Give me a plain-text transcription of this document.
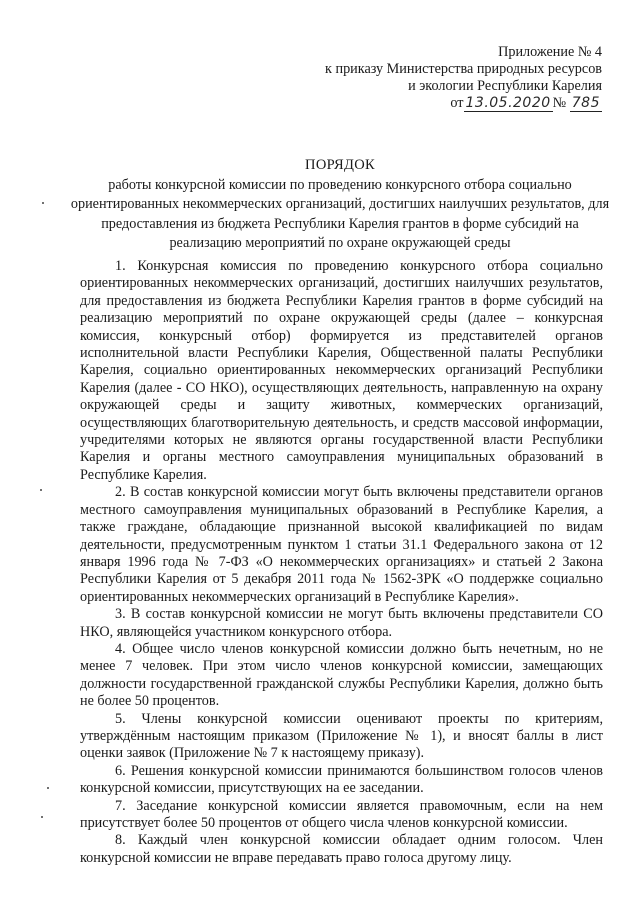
Приложение № 4
к приказу Министерства природных ресурсов
и экологии Республики Карелия
от 13.05.2020 № 785
ПОРЯДОК
работы конкурсной комиссии по проведению конкурсного отбора социально
ориентированных некоммерческих организаций, достигших наилучших результатов, для
предоставления из бюджета Республики Карелия грантов в форме субсидий на
реализацию мероприятий по охране окружающей среды

1. Конкурсная комиссия по проведению конкурсного отбора социально ориентированных некоммерческих организаций, достигших наилучших результатов, для предоставления из бюджета Республики Карелия грантов в форме субсидий на реализацию мероприятий по охране окружающей среды (далее – конкурсная комиссия, конкурсный отбор) формируется из представителей органов исполнительной власти Республики Карелия, Общественной палаты Республики Карелия, социально ориентированных некоммерческих организаций Республики Карелия (далее - СО НКО), осуществляющих деятельность, направленную на охрану окружающей среды и защиту животных, коммерческих организаций, осуществляющих благотворительную деятельность, и средств массовой информации, учредителями которых не являются органы государственной власти Республики Карелия и органы местного самоуправления муниципальных образований в Республике Карелия.

2. В состав конкурсной комиссии могут быть включены представители органов местного самоуправления муниципальных образований в Республике Карелия, а также граждане, обладающие признанной высокой квалификацией по видам деятельности, предусмотренным пунктом 1 статьи 31.1 Федерального закона от 12 января 1996 года № 7-ФЗ «О некоммерческих организациях» и статьей 2 Закона Республики Карелия от 5 декабря 2011 года № 1562-ЗРК «О поддержке социально ориентированных некоммерческих организаций в Республике Карелия».

3. В состав конкурсной комиссии не могут быть включены представители СО НКО, являющейся участником конкурсного отбора.

4. Общее число членов конкурсной комиссии должно быть нечетным, но не менее 7 человек. При этом число членов конкурсной комиссии, замещающих должности государственной гражданской службы Республики Карелия, должно быть не более 50 процентов.

5. Члены конкурсной комиссии оценивают проекты по критериям, утверждённым настоящим приказом (Приложение № 1), и вносят баллы в лист оценки заявок (Приложение № 7 к настоящему приказу).

6. Решения конкурсной комиссии принимаются большинством голосов членов конкурсной комиссии, присутствующих на ее заседании.

7. Заседание конкурсной комиссии является правомочным, если на нем присутствует более 50 процентов от общего числа членов конкурсной комиссии.

8. Каждый член конкурсной комиссии обладает одним голосом. Член конкурсной комиссии не вправе передавать право голоса другому лицу.
